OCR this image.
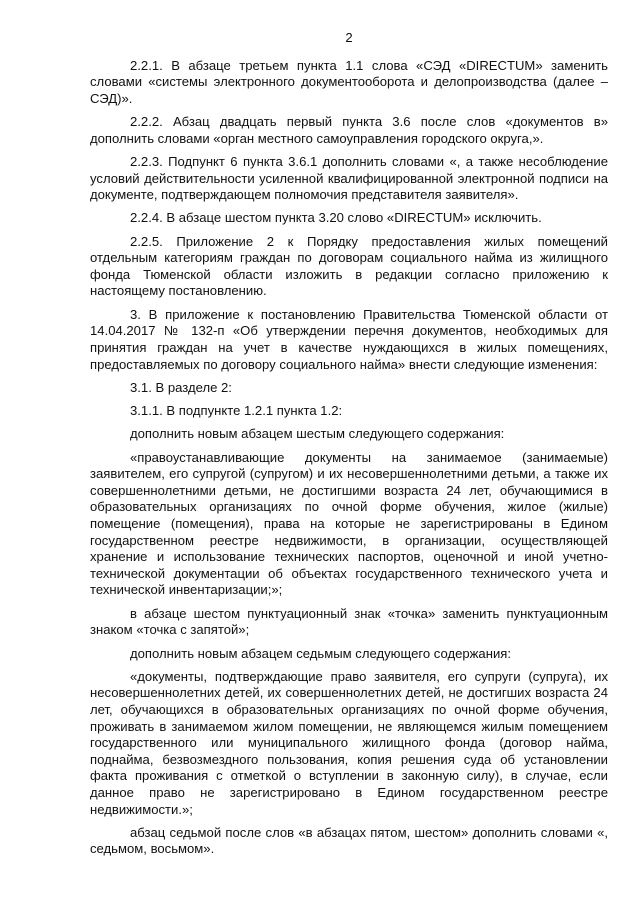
2

2.2.1. В абзаце третьем пункта 1.1 слова «СЭД «DIRECTUM» заменить словами «системы электронного документооборота и делопроизводства (далее – СЭД)».

2.2.2. Абзац двадцать первый пункта 3.6 после слов «документов в» дополнить словами «орган местного самоуправления городского округа,».

2.2.3. Подпункт 6 пункта 3.6.1 дополнить словами «, а также несоблюдение условий действительности усиленной квалифицированной электронной подписи на документе, подтверждающем полномочия представителя заявителя».

2.2.4. В абзаце шестом пункта 3.20 слово «DIRECTUM» исключить.

2.2.5. Приложение 2 к Порядку предоставления жилых помещений отдельным категориям граждан по договорам социального найма из жилищного фонда Тюменской области изложить в редакции согласно приложению к настоящему постановлению.

3. В приложение к постановлению Правительства Тюменской области от 14.04.2017 № 132-п «Об утверждении перечня документов, необходимых для принятия граждан на учет в качестве нуждающихся в жилых помещениях, предоставляемых по договору социального найма» внести следующие изменения:

3.1. В разделе 2:

3.1.1. В подпункте 1.2.1 пункта 1.2:

дополнить новым абзацем шестым следующего содержания:

«правоустанавливающие документы на занимаемое (занимаемые) заявителем, его супругой (супругом) и их несовершеннолетними детьми, а также их совершеннолетними детьми, не достигшими возраста 24 лет, обучающимися в образовательных организациях по очной форме обучения, жилое (жилые) помещение (помещения), права на которые не зарегистрированы в Едином государственном реестре недвижимости, в организации, осуществляющей хранение и использование технических паспортов, оценочной и иной учетно-технической документации об объектах государственного технического учета и технической инвентаризации;»;

в абзаце шестом пунктуационный знак «точка» заменить пунктуационным знаком «точка с запятой»;

дополнить новым абзацем седьмым следующего содержания:

«документы, подтверждающие право заявителя, его супруги (супруга), их несовершеннолетних детей, их совершеннолетних детей, не достигших возраста 24 лет, обучающихся в образовательных организациях по очной форме обучения, проживать в занимаемом жилом помещении, не являющемся жилым помещением государственного или муниципального жилищного фонда (договор найма, поднайма, безвозмездного пользования, копия решения суда об установлении факта проживания с отметкой о вступлении в законную силу), в случае, если данное право не зарегистрировано в Едином государственном реестре недвижимости.»;

абзац седьмой после слов «в абзацах пятом, шестом» дополнить словами «, седьмом, восьмом».
